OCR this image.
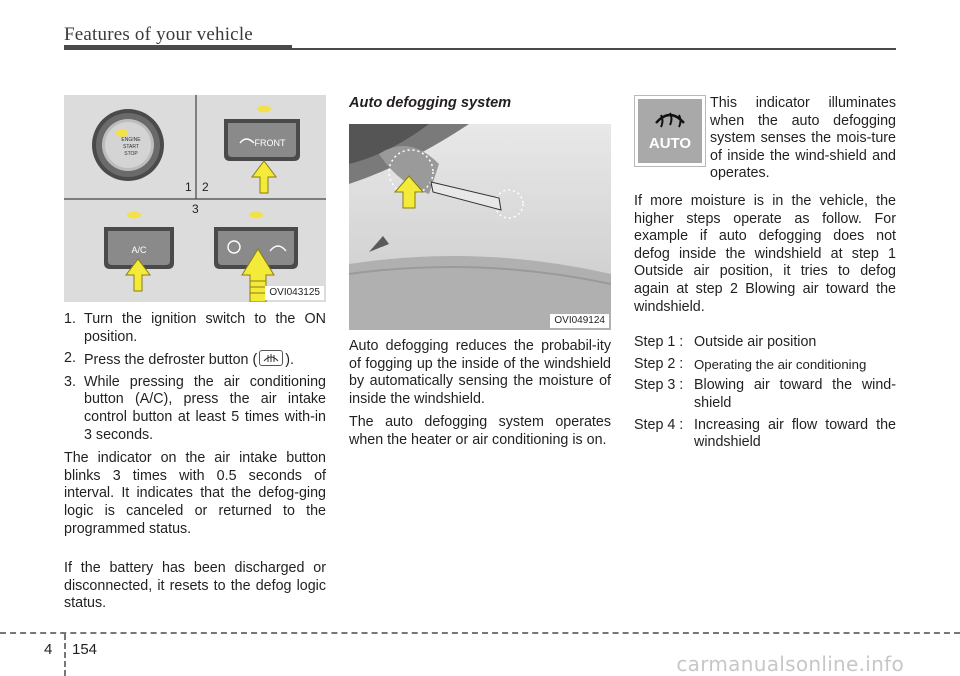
Features of your vehicle
ENGINE
START
STOP
FRONT
1 2
3
A/C
OVI043125
1. Turn the ignition switch to the ON position.
2. Press the defroster button ( ).
3. While pressing the air conditioning button (A/C), press the air intake control button at least 5 times with-in 3 seconds.

The indicator on the air intake button blinks 3 times with 0.5 seconds of interval. It indicates that the defog-ging logic is canceled or returned to the programmed status.

If the battery has been discharged or disconnected, it resets to the defog logic status.

Auto defogging system
OVI049124

Auto defogging reduces the probabil-ity of fogging up the inside of the windshield by automatically sensing the moisture of inside the windshield.

The auto defogging system operates when the heater or air conditioning is on.

AUTO

This indicator illuminates when the auto defogging system senses the mois-ture of inside the wind-shield and operates.

If more moisture is in the vehicle, the higher steps operate as follow. For example if auto defogging does not defog inside the windshield at step 1 Outside air position, it tries to defog again at step 2 Blowing air toward the windshield.

Step 1 : Outside air position
Step 2 : Operating the air conditioning
Step 3 : Blowing air toward the wind-shield
Step 4 : Increasing air flow toward the windshield
4 154
carmanualsonline.info
